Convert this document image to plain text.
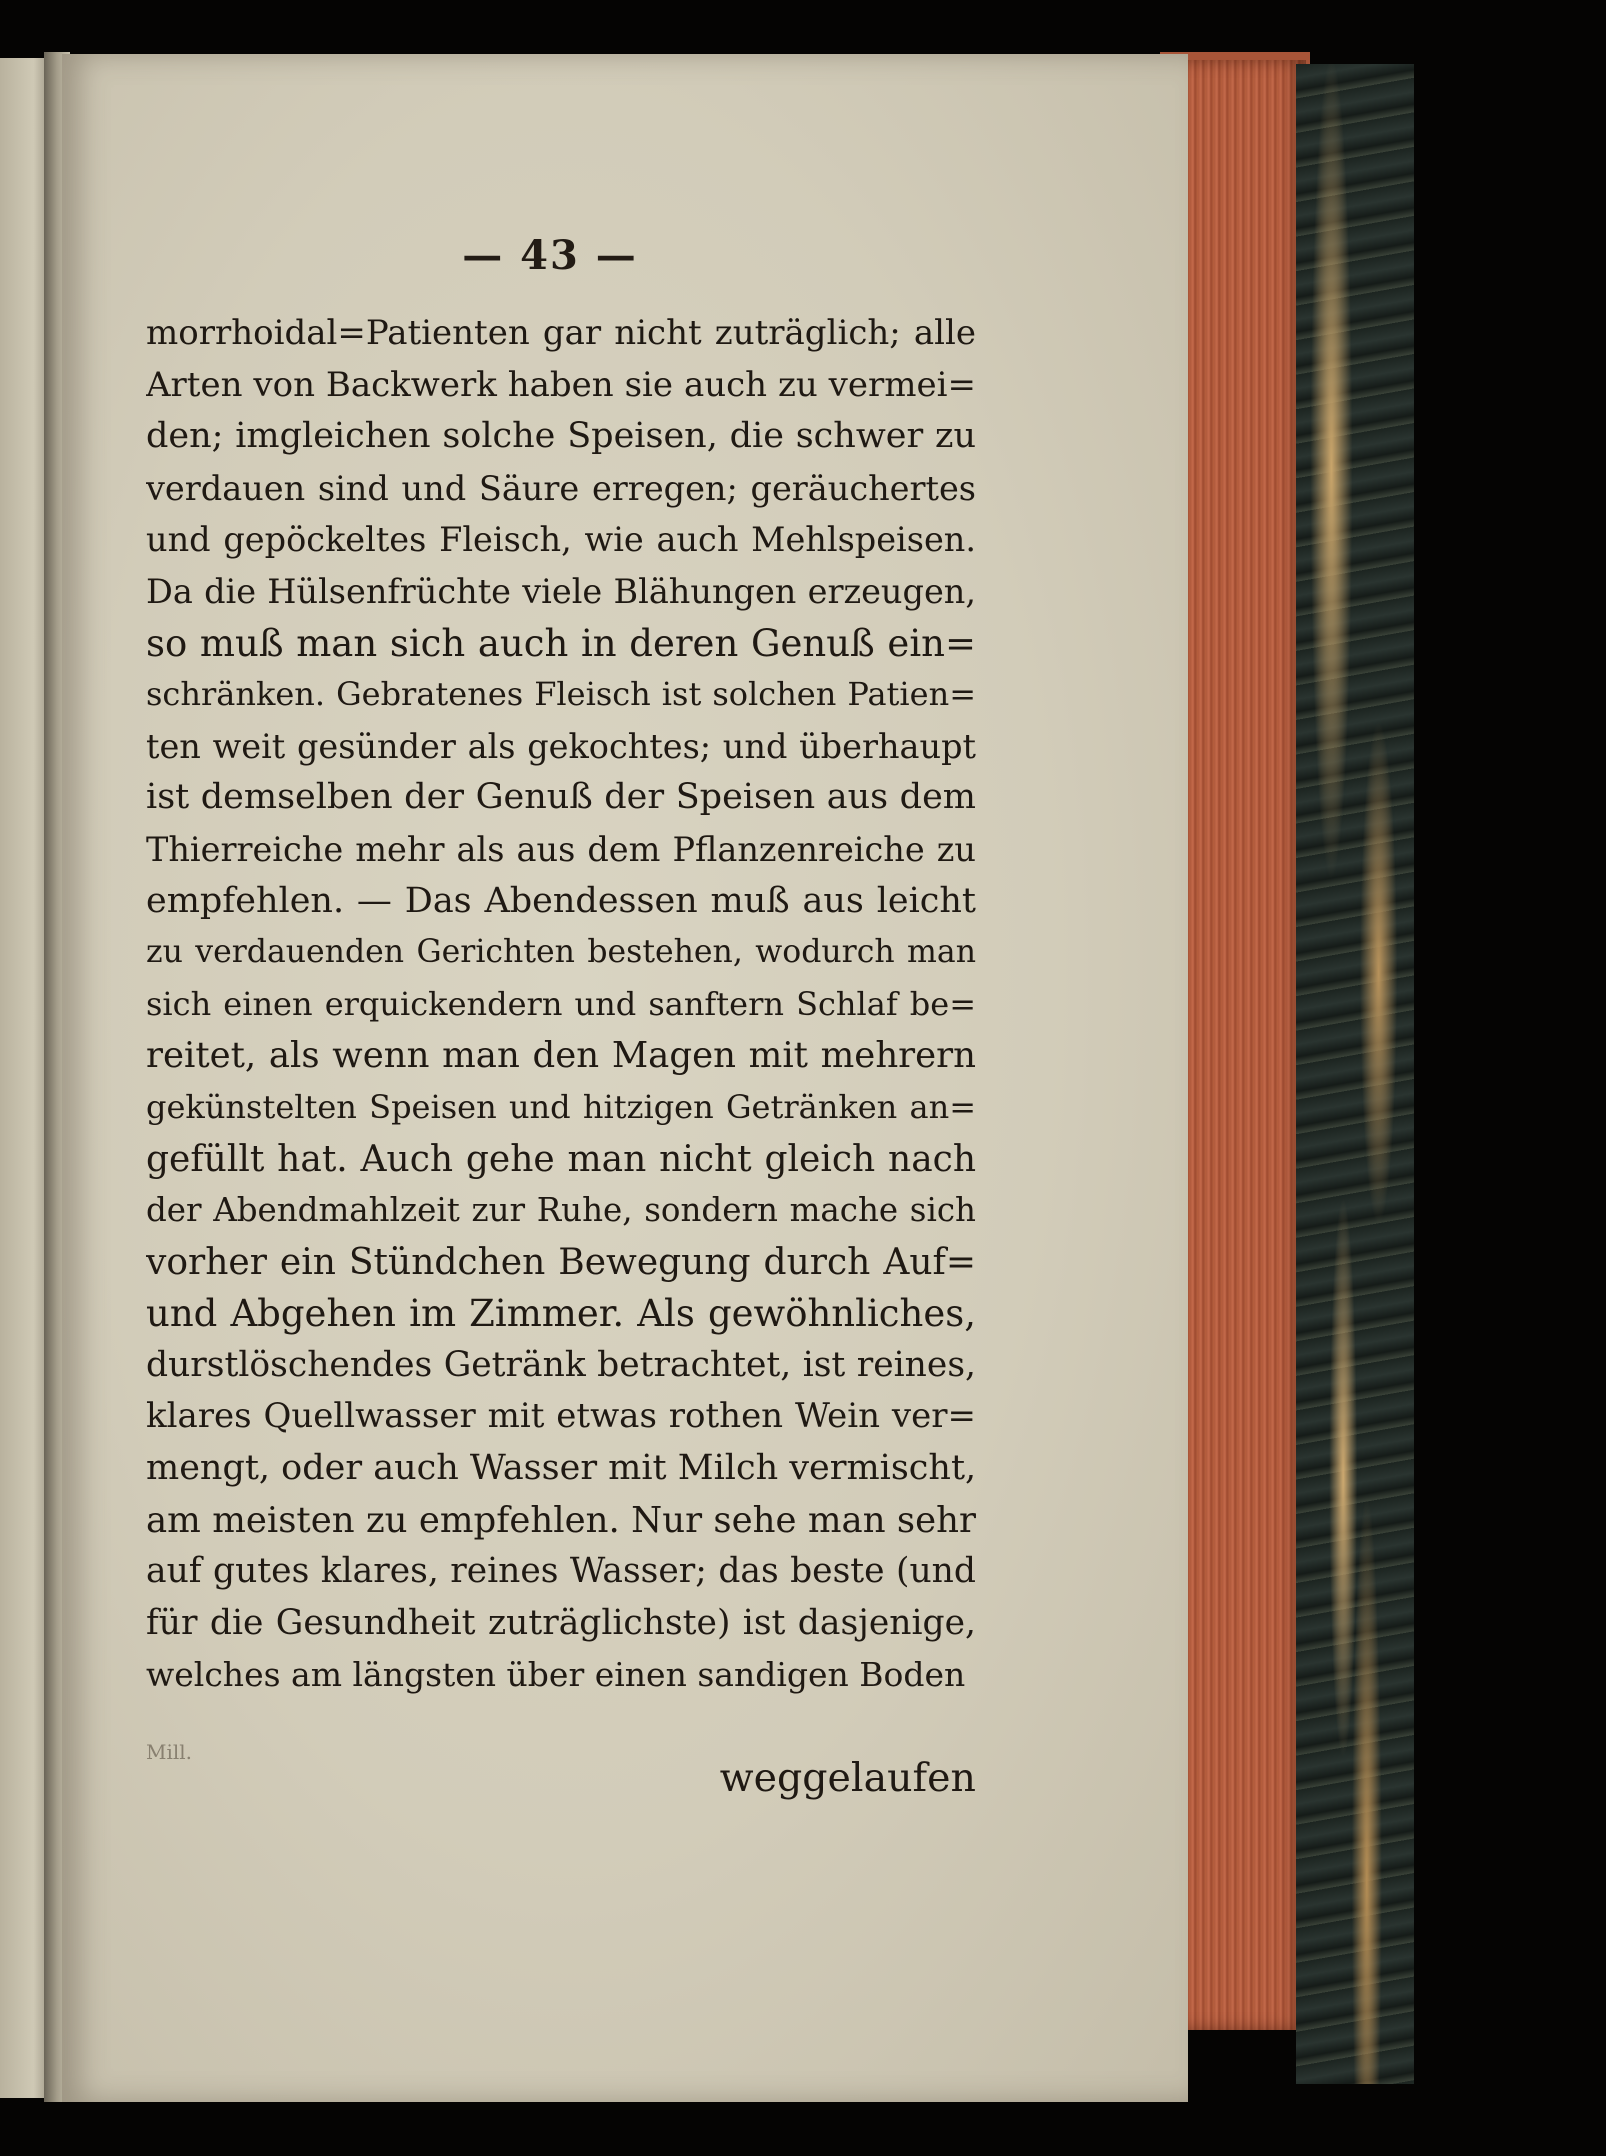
— 43 —
morrhoidal=Patienten gar nicht zuträglich; alle
Arten von Backwerk haben sie auch zu vermei=
den; imgleichen solche Speisen, die schwer zu
verdauen sind und Säure erregen; geräuchertes
und gepöckeltes Fleisch, wie auch Mehlspeisen.
Da die Hülsenfrüchte viele Blähungen erzeugen,
so muß man sich auch in deren Genuß ein=
schränken. Gebratenes Fleisch ist solchen Patien=
ten weit gesünder als gekochtes; und überhaupt
ist demselben der Genuß der Speisen aus dem
Thierreiche mehr als aus dem Pflanzenreiche zu
empfehlen. — Das Abendessen muß aus leicht
zu verdauenden Gerichten bestehen, wodurch man
sich einen erquickendern und sanftern Schlaf be=
reitet, als wenn man den Magen mit mehrern
gekünstelten Speisen und hitzigen Getränken an=
gefüllt hat. Auch gehe man nicht gleich nach
der Abendmahlzeit zur Ruhe, sondern mache sich
vorher ein Stündchen Bewegung durch Auf=
und Abgehen im Zimmer. Als gewöhnliches,
durstlöschendes Getränk betrachtet, ist reines,
klares Quellwasser mit etwas rothen Wein ver=
mengt, oder auch Wasser mit Milch vermischt,
am meisten zu empfehlen. Nur sehe man sehr
auf gutes klares, reines Wasser; das beste (und
für die Gesundheit zuträglichste) ist dasjenige,
welches am längsten über einen sandigen Boden
Mill.
weggelaufen
